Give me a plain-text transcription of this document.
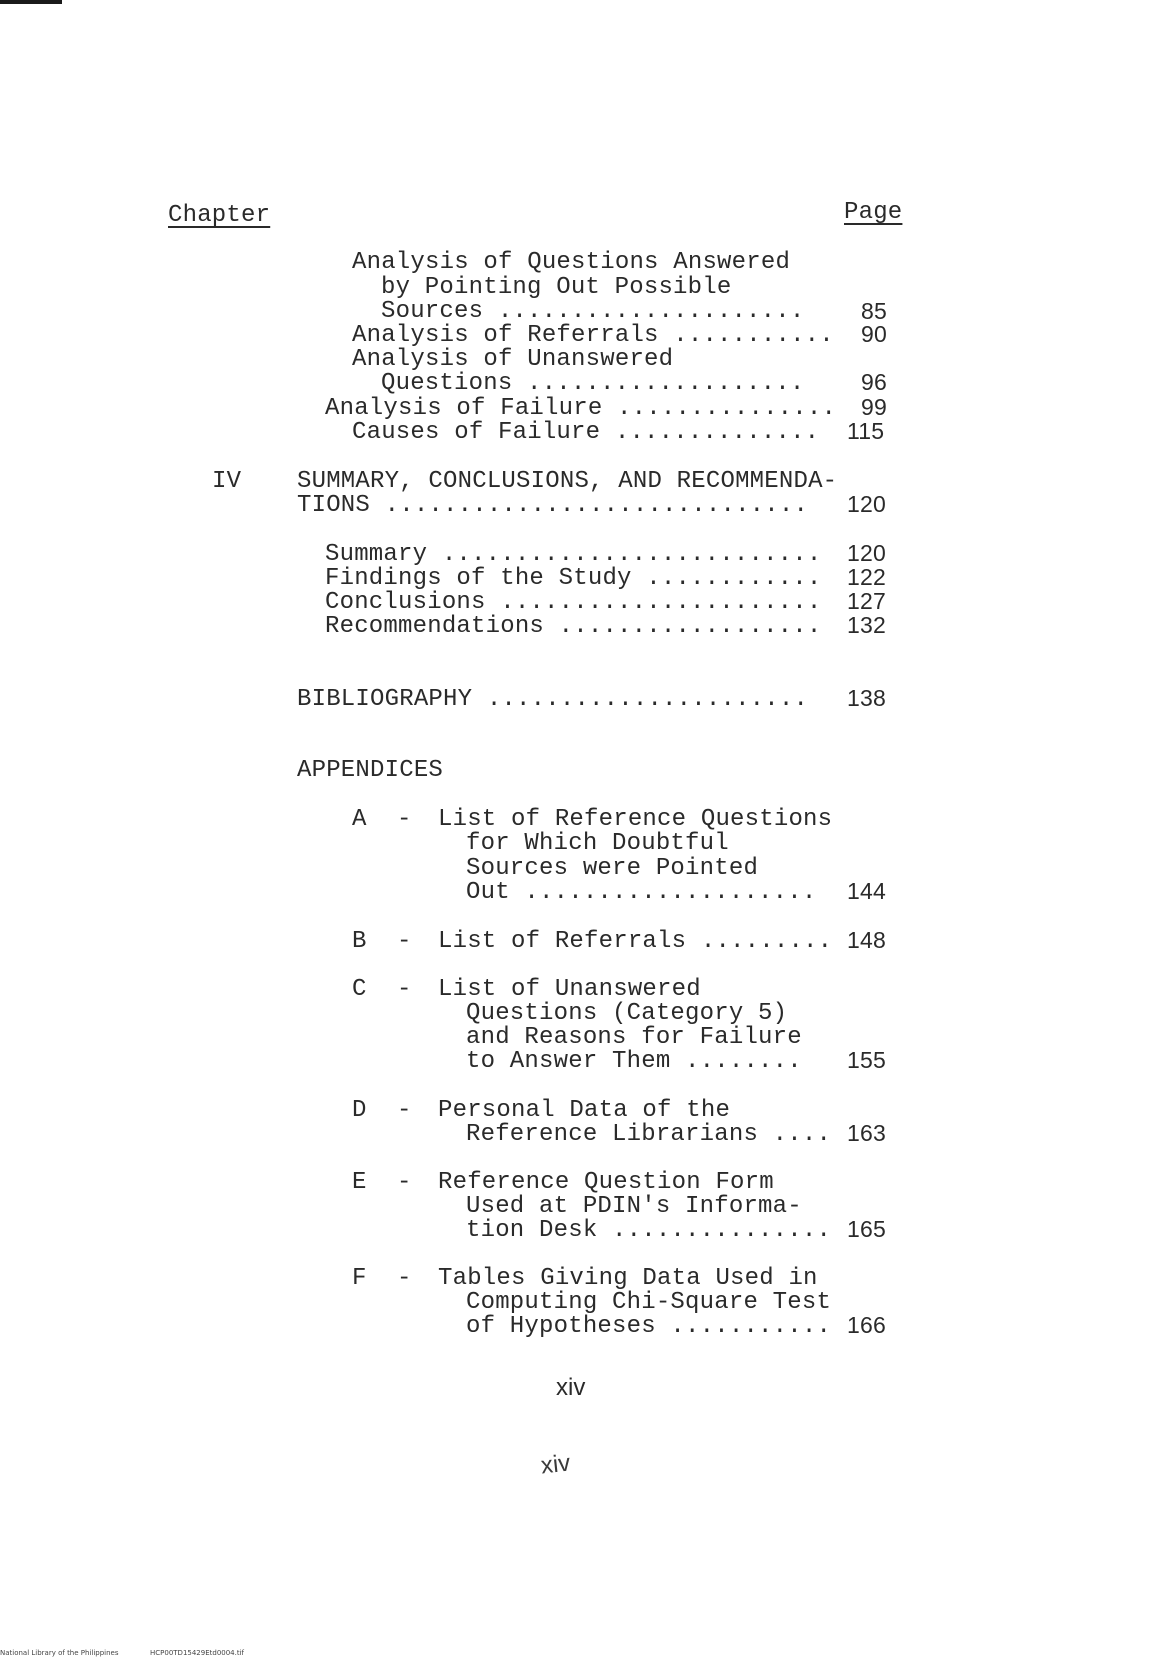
Chapter	Page
Analysis of Questions Answered
by Pointing Out Possible
Sources ..................... 85
Analysis of Referrals ........... 90
Analysis of Unanswered
Questions ................... 96
Analysis of Failure ............... 99
Causes of Failure .............. 115
IV SUMMARY, CONCLUSIONS, AND RECOMMENDA-
TIONS ............................. 120
Summary .......................... 120
Findings of the Study ............ 122
Conclusions ...................... 127
Recommendations .................. 132
BIBLIOGRAPHY ...................... 138
APPENDICES
A - List of Reference Questions
for Which Doubtful
Sources were Pointed
Out .................... 144
B - List of Referrals ......... 148
C - List of Unanswered
Questions (Category 5)
and Reasons for Failure
to Answer Them ........ 155
D - Personal Data of the
Reference Librarians .... 163
E - Reference Question Form
Used at PDIN's Informa-
tion Desk ............... 165
F - Tables Giving Data Used in
Computing Chi-Square Test
of Hypotheses ........... 166
xiv
xiv
National Library of the Philippines	HCP00TD15429Etd0004.tif
